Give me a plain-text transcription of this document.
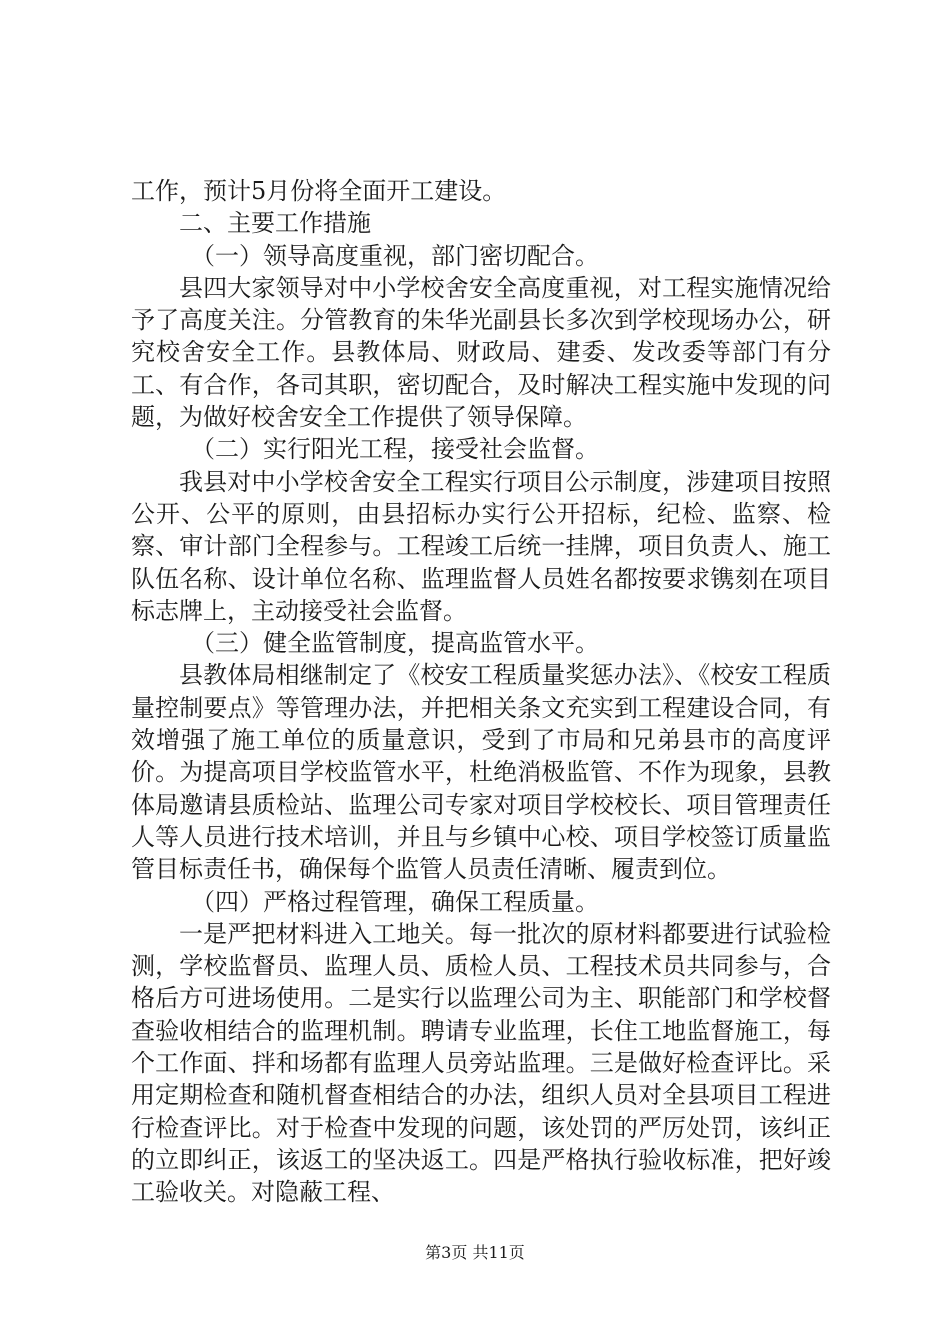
工作，预计5月份将全面开工建设。

二、主要工作措施

（一）领导高度重视，部门密切配合。

县四大家领导对中小学校舍安全高度重视，对工程实施情况给予了高度关注。分管教育的朱华光副县长多次到学校现场办公，研究校舍安全工作。县教体局、财政局、建委、发改委等部门有分工、有合作，各司其职，密切配合，及时解决工程实施中发现的问题，为做好校舍安全工作提供了领导保障。

（二）实行阳光工程，接受社会监督。

我县对中小学校舍安全工程实行项目公示制度，涉建项目按照公开、公平的原则，由县招标办实行公开招标，纪检、监察、检察、审计部门全程参与。工程竣工后统一挂牌，项目负责人、施工队伍名称、设计单位名称、监理监督人员姓名都按要求镌刻在项目标志牌上，主动接受社会监督。

（三）健全监管制度，提高监管水平。

县教体局相继制定了《校安工程质量奖惩办法》、《校安工程质量控制要点》等管理办法，并把相关条文充实到工程建设合同，有效增强了施工单位的质量意识，受到了市局和兄弟县市的高度评价。为提高项目学校监管水平，杜绝消极监管、不作为现象，县教体局邀请县质检站、监理公司专家对项目学校校长、项目管理责任人等人员进行技术培训，并且与乡镇中心校、项目学校签订质量监管目标责任书，确保每个监管人员责任清晰、履责到位。

（四）严格过程管理，确保工程质量。

一是严把材料进入工地关。每一批次的原材料都要进行试验检测，学校监督员、监理人员、质检人员、工程技术员共同参与，合格后方可进场使用。二是实行以监理公司为主、职能部门和学校督查验收相结合的监理机制。聘请专业监理，长住工地监督施工，每个工作面、拌和场都有监理人员旁站监理。三是做好检查评比。采用定期检查和随机督查相结合的办法，组织人员对全县项目工程进行检查评比。对于检查中发现的问题，该处罚的严厉处罚，该纠正的立即纠正，该返工的坚决返工。四是严格执行验收标准，把好竣工验收关。对隐蔽工程、

第3页 共11页
